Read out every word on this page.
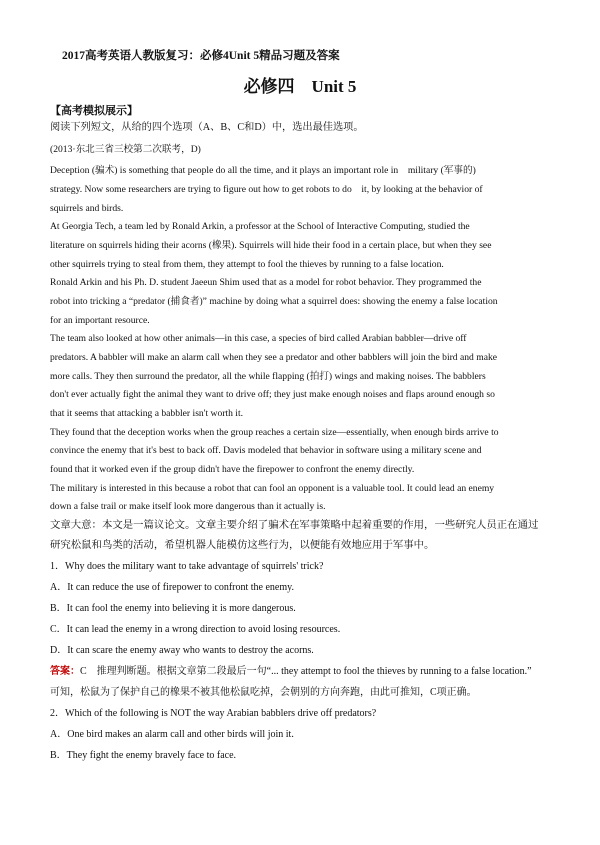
2017高考英语人教版复习：必修4Unit 5精品习题及答案
必修四　Unit 5
【高考模拟展示】
阅读下列短文，从给的四个选项（A、B、C和D）中，选出最佳选项。
(2013·东北三省三校第二次联考，D)
Deception (骗术) is something that people do all the time, and it plays an important role in　military (军事的)
strategy. Now some researchers are trying to figure out how to get robots to do　it, by looking at the behavior of
squirrels and birds.
At Georgia Tech, a team led by Ronald Arkin, a professor at the School of Interactive Computing, studied the
literature on squirrels hiding their acorns (橡果). Squirrels will hide their food in a certain place, but when they see
other squirrels trying to steal from them, they attempt to fool the thieves by running to a false location.
Ronald Arkin and his Ph. D. student Jaeeun Shim used that as a model for robot behavior. They programmed the
robot into tricking a “predator (捕食者)” machine by doing what a squirrel does: showing the enemy a false location
for an important resource.
The team also looked at how other animals—in this case, a species of bird called Arabian babbler—drive off
predators. A babbler will make an alarm call when they see a predator and other babblers will join the bird and make
more calls. They then surround the predator, all the while flapping (拍打) wings and making noises. The babblers
don't ever actually fight the animal they want to drive off; they just make enough noises and flaps around enough so
that it seems that attacking a babbler isn't worth it.
They found that the deception works when the group reaches a certain size—essentially, when enough birds arrive to
convince the enemy that it's best to back off. Davis modeled that behavior in software using a military scene and
found that it worked even if the group didn't have the firepower to confront the enemy directly.
The military is interested in this because a robot that can fool an opponent is a valuable tool. It could lead an enemy
down a false trail or make itself look more dangerous than it actually is.
文章大意：本文是一篇议论文。文章主要介绍了骗术在军事策略中起着重要的作用，一些研究人员正在通过
研究松鼠和鸟类的活动，希望机器人能模仿这些行为，以便能有效地应用于军事中。
1．Why does the military want to take advantage of squirrels' trick?
A．It can reduce the use of firepower to confront the enemy.
B．It can fool the enemy into believing it is more dangerous.
C．It can lead the enemy in a wrong direction to avoid losing resources.
D．It can scare the enemy away who wants to destroy the acorns.
答案：C　推理判断题。根据文章第二段最后一句“... they attempt to fool the thieves by running to a false location.”
可知，松鼠为了保护自己的橡果不被其他松鼠吃掉，会朝别的方向奔跑，由此可推知，C项正确。
2．Which of the following is NOT the way Arabian babblers drive off predators?
A．One bird makes an alarm call and other birds will join it.
B．They fight the enemy bravely face to face.
